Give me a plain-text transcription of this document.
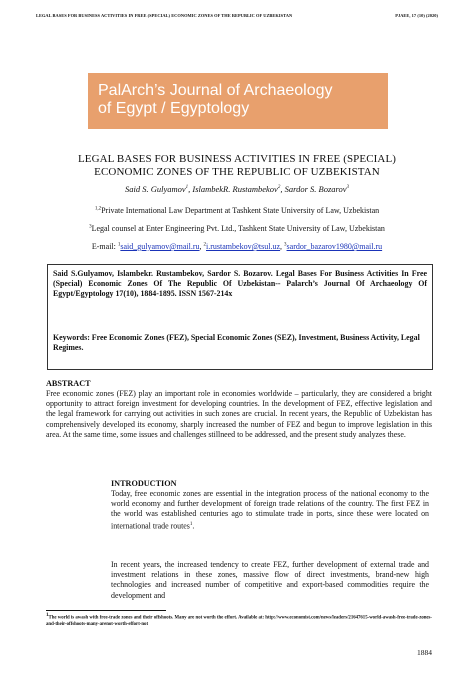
LEGAL BASES FOR BUSINESS ACTIVITIES IN FREE (SPECIAL) ECONOMIC ZONES OF THE REPUBLIC OF UZBEKISTAN	PJAEE, 17 (10) (2020)
PalArch’s Journal of Archaeology
of Egypt / Egyptology
LEGAL BASES FOR BUSINESS ACTIVITIES IN FREE (SPECIAL)
ECONOMIC ZONES OF THE REPUBLIC OF UZBEKISTAN
Said S. Gulyamov$^1$, IslambekR. Rustambekov$^2$, Sardor S. Bozarov$^3$
$^{1,2}$Private International Law Department at Tashkent State University of Law, Uzbekistan
$^3$Legal counsel at Enter Engineering Pvt. Ltd., Tashkent State University of Law, Uzbekistan
E-mail: $^1$said_gulyamov@mail.ru, $^2$i.rustambekov@tsul.uz, $^3$sardor_bazarov1980@mail.ru
Said S.Gulyamov, Islambekr. Rustambekov, Sardor S. Bozarov. Legal Bases For Business Activities In Free (Special) Economic Zones Of The Republic Of Uzbekistan-- Palarch’s Journal Of Archaeology Of Egypt/Egyptology 17(10), 1884-1895. ISSN 1567-214x
Keywords: Free Economic Zones (FEZ), Special Economic Zones (SEZ), Investment, Business Activity, Legal Regimes.
ABSTRACT
Free economic zones (FEZ) play an important role in economies worldwide – particularly, they are considered a bright opportunity to attract foreign investment for developing countries. In the development of FEZ, effective legislation and the legal framework for carrying out activities in such zones are crucial. In recent years, the Republic of Uzbekistan has comprehensively developed its economy, sharply increased the number of FEZ and begun to improve legislation in this area. At the same time, some issues and challenges stillneed to be addressed, and the present study analyzes these.
INTRODUCTION
Today, free economic zones are essential in the integration process of the national economy to the world economy and further development of foreign trade relations of the country. The first FEZ in the world was established centuries ago to stimulate trade in ports, since these were located on international trade routes$^1$.
In recent years, the increased tendency to create FEZ, further development of external trade and investment relations in these zones, massive flow of direct investments, brand-new high technologies and increased number of competitive and export-based commodities require the development and
$^1$The world is awash with free-trade zones and their offshoots. Many are not worth the effort. Available at: http://www.economist.com/news/leaders/21647615-world-awash-free-trade-zones-and-their-offshoots-many-arenot-worth-effort-not
1884
